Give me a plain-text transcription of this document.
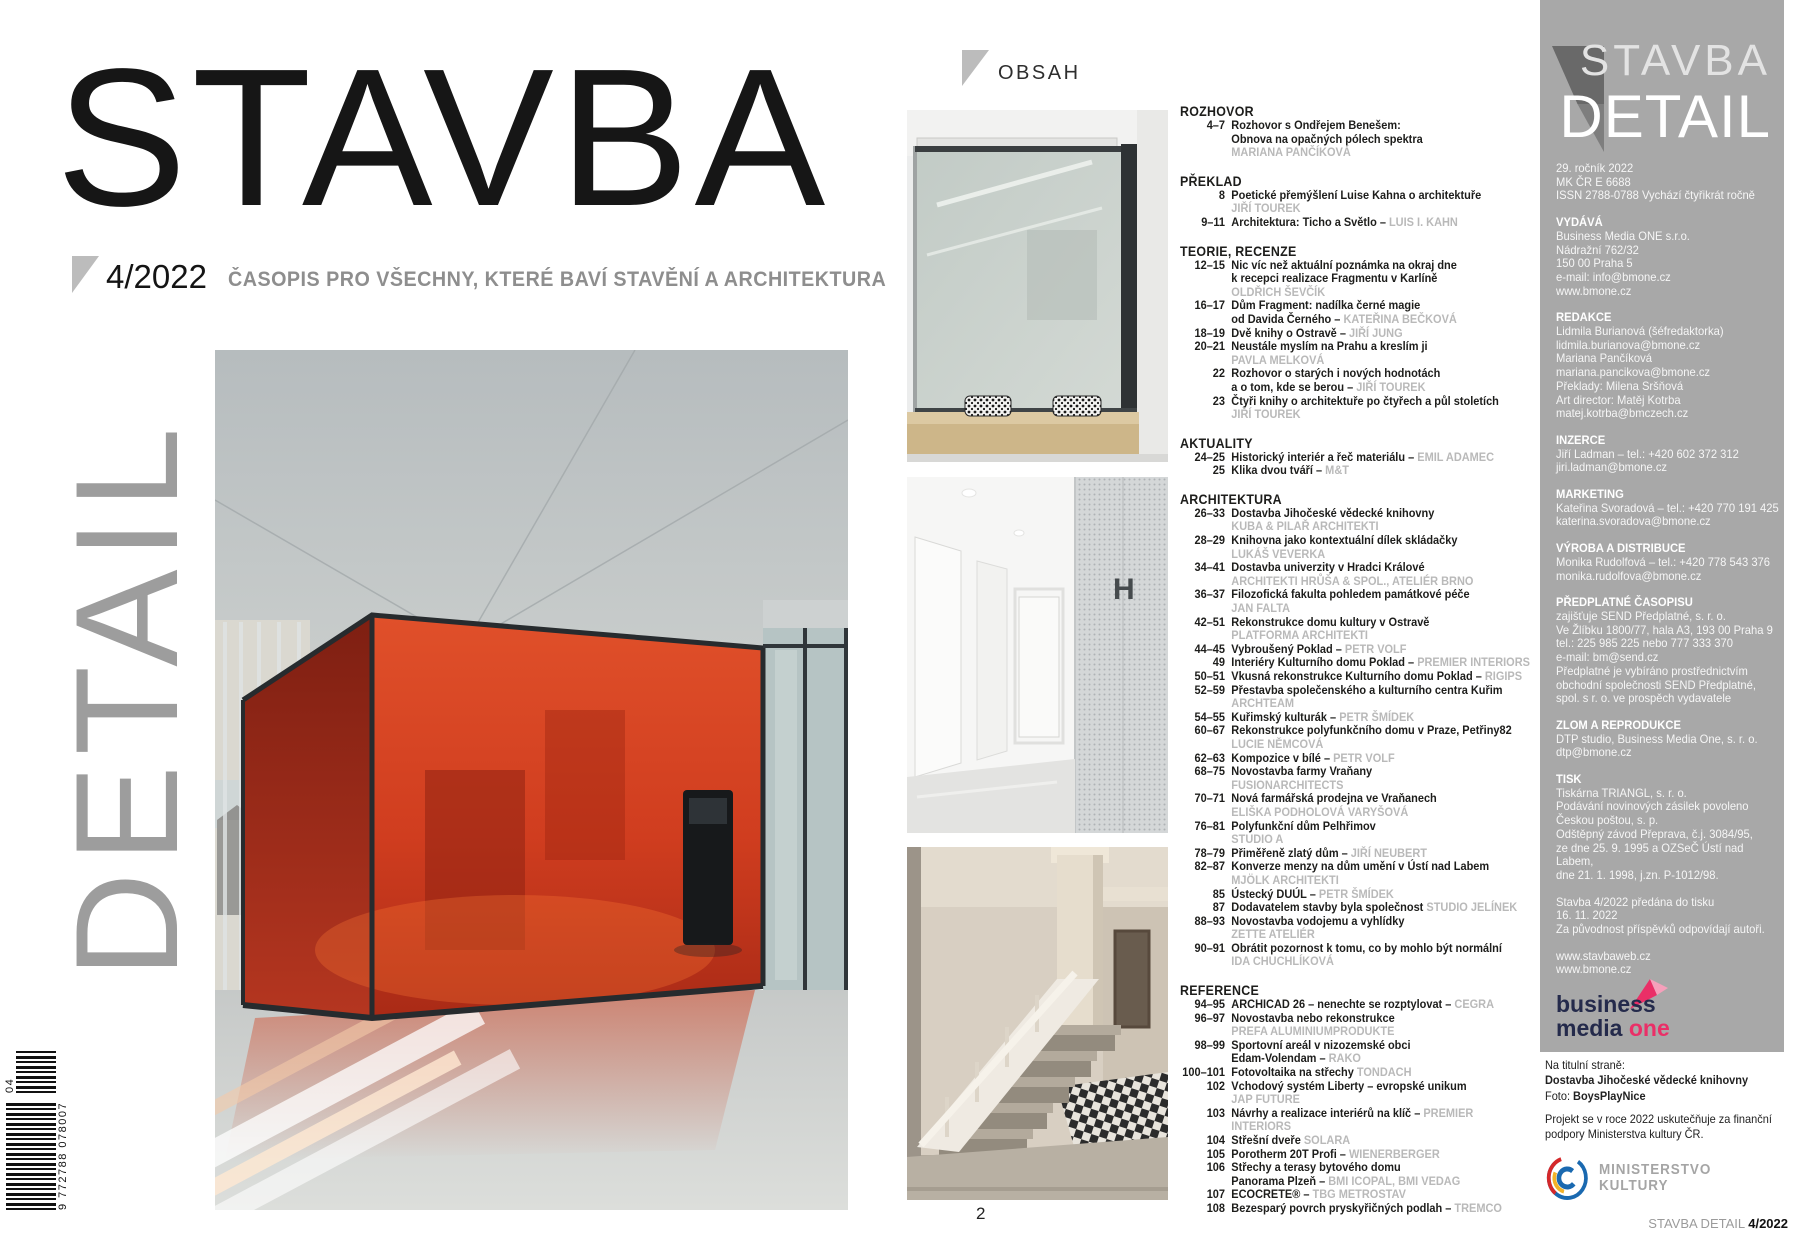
STAVBA
4/2022 ČASOPIS PRO VŠECHNY, KTERÉ BAVÍ STAVĚNÍ A ARCHITEKTURA
DETAIL
9 772788 078007
04
OBSAH
H
ROZHOVOR
4–7 Rozhovor s Ondřejem Benešem:
Obnova na opačných pólech spektra
MARIANA PANČÍKOVÁ
PŘEKLAD
8 Poetické přemýšlení Luise Kahna o architektuře
JIŘÍ TOUREK
9–11 Architektura: Ticho a Světlo – LUIS I. KAHN
TEORIE, RECENZE
12–15 Nic víc než aktuální poznámka na okraj dne
k recepci realizace Fragmentu v Karlíně
OLDŘICH ŠEVČÍK
16–17 Dům Fragment: nadílka černé magie
od Davida Černého – KATEŘINA BEČKOVÁ
18–19 Dvě knihy o Ostravě – JIŘÍ JUNG
20–21 Neustále myslím na Prahu a kreslím ji
PAVLA MELKOVÁ
22 Rozhovor o starých i nových hodnotách
a o tom, kde se berou – JIŘÍ TOUREK
23 Čtyři knihy o architektuře po čtyřech a půl stoletích
JIŘÍ TOUREK
AKTUALITY
24–25 Historický interiér a řeč materiálu – EMIL ADAMEC
25 Klika dvou tváří – M&T
ARCHITEKTURA
26–33 Dostavba Jihočeské vědecké knihovny
KUBA & PILAŘ ARCHITEKTI
28–29 Knihovna jako kontextuální dílek skládačky
LUKÁŠ VEVERKA
34–41 Dostavba univerzity v Hradci Králové
ARCHITEKTI HRŮŠA & SPOL., ATELIÉR BRNO
36–37 Filozofická fakulta pohledem památkové péče
JAN FALTA
42–51 Rekonstrukce domu kultury v Ostravě
PLATFORMA ARCHITEKTI
44–45 Vybroušený Poklad – PETR VOLF
49 Interiéry Kulturního domu Poklad – PREMIER INTERIORS
50–51 Vkusná rekonstrukce Kulturního domu Poklad – RIGIPS
52–59 Přestavba společenského a kulturního centra Kuřim
ARCHTEAM
54–55 Kuřimský kulturák – PETR ŠMÍDEK
60–67 Rekonstrukce polyfunkčního domu v Praze, Petřiny82
LUCIE NĚMCOVÁ
62–63 Kompozice v bílé – PETR VOLF
68–75 Novostavba farmy Vraňany
FUSIONARCHITECTS
70–71 Nová farmářská prodejna ve Vraňanech
ELIŠKA PODHOLOVÁ VARYŠOVÁ
76–81 Polyfunkční dům Pelhřimov
STUDIO A
78–79 Přiměřeně zlatý dům – JIŘÍ NEUBERT
82–87 Konverze menzy na dům umění v Ústí nad Labem
MJÖLK ARCHITEKTI
85 Ústecký DUÚL – PETR ŠMÍDEK
87 Dodavatelem stavby byla společnost STUDIO JELÍNEK
88–93 Novostavba vodojemu a vyhlídky
ZETTE ATELIÉR
90–91 Obrátit pozornost k tomu, co by mohlo být normální
IDA CHUCHLÍKOVÁ
REFERENCE
94–95 ARCHICAD 26 – nenechte se rozptylovat – CEGRA
96–97 Novostavba nebo rekonstrukce
PREFA ALUMINIUMPRODUKTE
98–99 Sportovní areál v nizozemské obci
Edam-Volendam – RAKO
100–101 Fotovoltaika na střechy TONDACH
102 Vchodový systém Liberty – evropské unikum
JAP FUTURE
103 Návrhy a realizace interiérů na klíč – PREMIER INTERIORS
104 Střešní dveře SOLARA
105 Porotherm 20T Profi – WIENERBERGER
106 Střechy a terasy bytového domu
Panorama Plzeň – BMI ICOPAL, BMI VEDAG
107 ECOCRETE® – TBG METROSTAV
108 Bezesparý povrch pryskyřičných podlah – TREMCO
STAVBA
DETAIL
29. ročník 2022
MK ČR E 6688
ISSN 2788-0788 Vychází čtyřikrát ročně
VYDÁVÁ
Business Media ONE s.r.o.
Nádražní 762/32
150 00 Praha 5
e-mail: info@bmone.cz
www.bmone.cz
REDAKCE
Lidmila Burianová (šéfredaktorka)
lidmila.burianova@bmone.cz
Mariana Pančíková
mariana.pancikova@bmone.cz
Překlady: Milena Sršňová
Art director: Matěj Kotrba
matej.kotrba@bmczech.cz
INZERCE
Jiří Ladman – tel.: +420 602 372 312
jiri.ladman@bmone.cz
MARKETING
Kateřina Svoradová – tel.: +420 770 191 425
katerina.svoradova@bmone.cz
VÝROBA A DISTRIBUCE
Monika Rudolfová – tel.: +420 778 543 376
monika.rudolfova@bmone.cz
PŘEDPLATNÉ ČASOPISU
zajišťuje SEND Předplatné, s. r. o.
Ve Žlíbku 1800/77, hala A3, 193 00 Praha 9
tel.: 225 985 225 nebo 777 333 370
e-mail: bm@send.cz
Předplatné je vybíráno prostřednictvím
obchodní společnosti SEND Předplatné,
spol. s r. o. ve prospěch vydavatele
ZLOM A REPRODUKCE
DTP studio, Business Media One, s. r. o.
dtp@bmone.cz
TISK
Tiskárna TRIANGL, s. r. o.
Podávání novinových zásilek povoleno
Českou poštou, s. p.
Odštěpný závod Přeprava, č.j. 3084/95,
ze dne 25. 9. 1995 a OZSeČ Ústí nad Labem,
dne 21. 1. 1998, j.zn. P-1012/98.
Stavba 4/2022 předána do tisku
16. 11. 2022
Za původnost příspěvků odpovídají autoři.
www.stavbaweb.cz
www.bmone.cz
business
media one
Na titulní straně:
Dostavba Jihočeské vědecké knihovny
Foto: BoysPlayNice
Projekt se v roce 2022 uskutečňuje za finanční
podpory Ministerstva kultury ČR.
MINISTERSTVO
KULTURY
2
STAVBA DETAIL 4/2022
